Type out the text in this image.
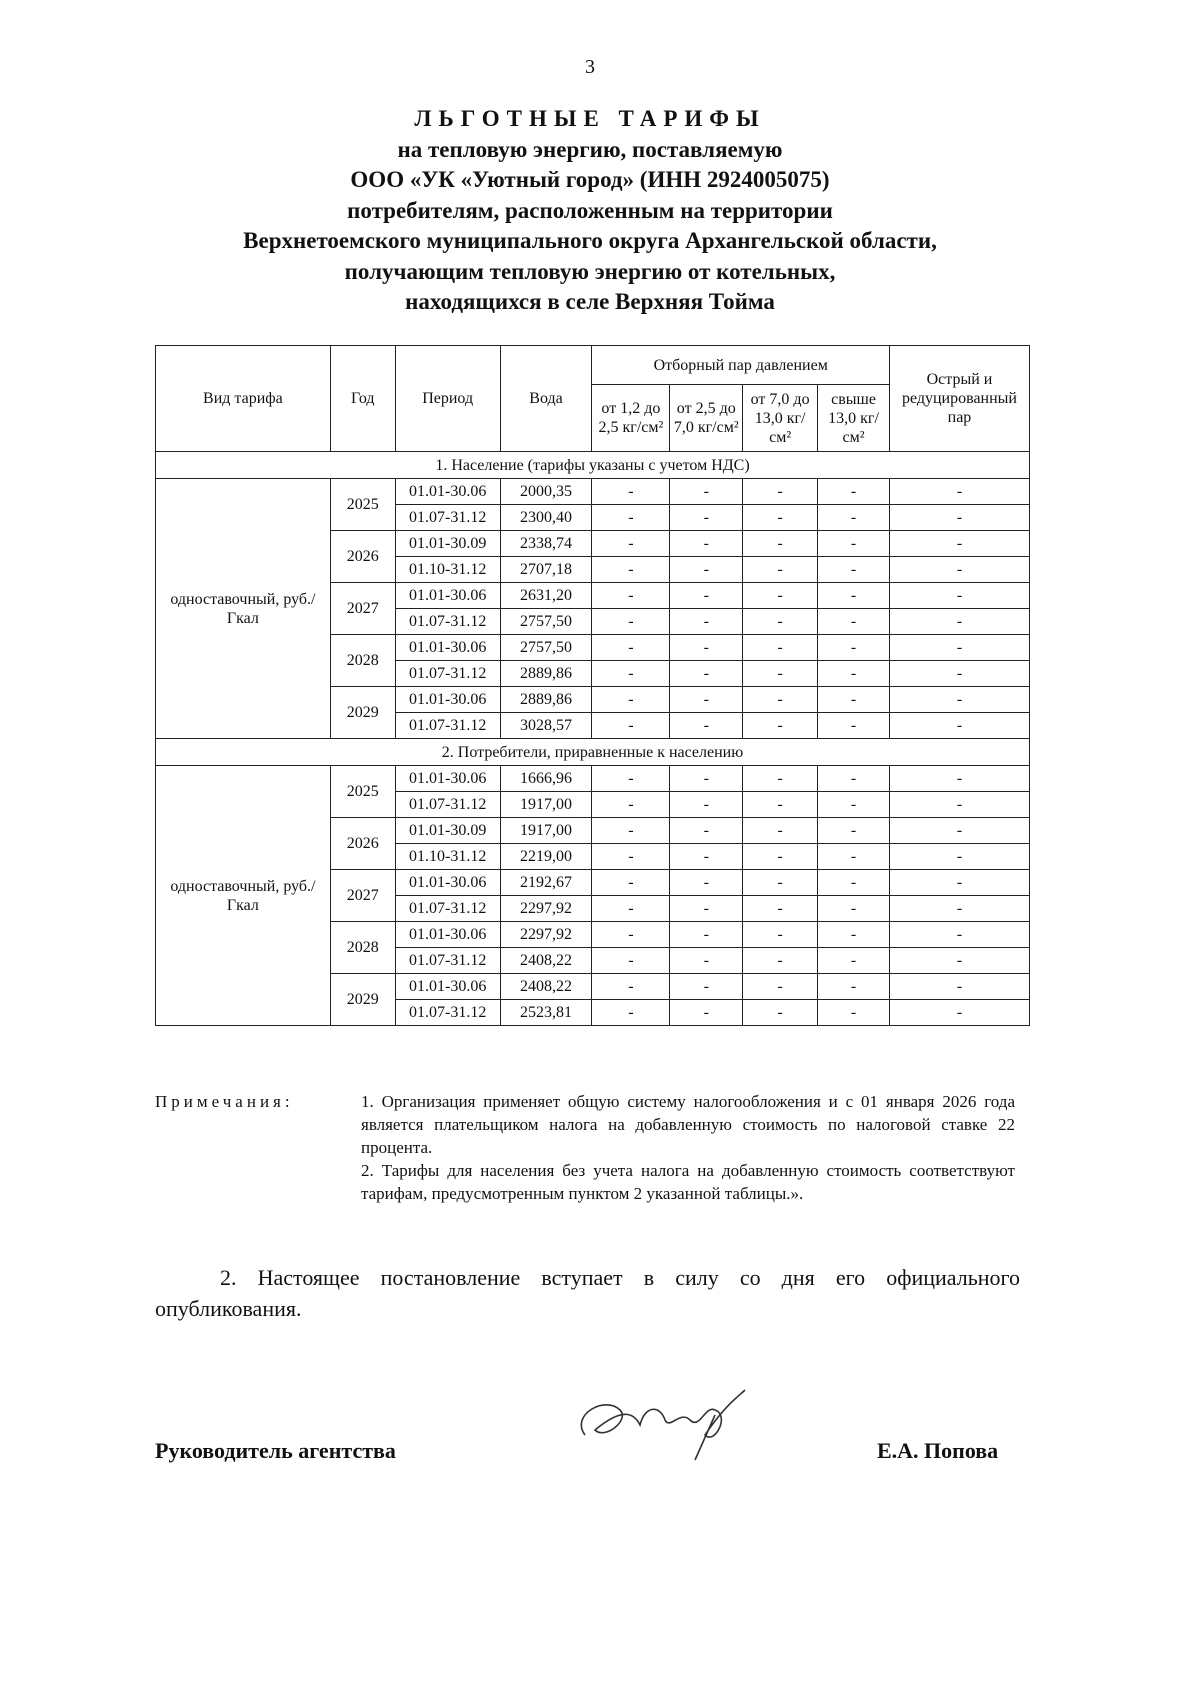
3
ЛЬГОТНЫЕ ТАРИФЫ
на тепловую энергию, поставляемую
ООО «УК «Уютный город» (ИНН 2924005075)
потребителям, расположенным на территории
Верхнетоемского муниципального округа Архангельской области,
получающим тепловую энергию от котельных,
находящихся в селе Верхняя Тойма
Вид тарифа	Год	Период	Вода	Отборный пар давлением				Острый и редуцированный пар
				от 1,2 до 2,5 кг/см²	от 2,5 до 7,0 кг/см²	от 7,0 до 13,0 кг/см²	свыше 13,0 кг/см²	
1. Население (тарифы указаны с учетом НДС)								
одноставочный, руб./Гкал	2025	01.01-30.06	2000,35	-	-	-	-	-
		01.07-31.12	2300,40	-	-	-	-	-
	2026	01.01-30.09	2338,74	-	-	-	-	-
		01.10-31.12	2707,18	-	-	-	-	-
	2027	01.01-30.06	2631,20	-	-	-	-	-
		01.07-31.12	2757,50	-	-	-	-	-
	2028	01.01-30.06	2757,50	-	-	-	-	-
		01.07-31.12	2889,86	-	-	-	-	-
	2029	01.01-30.06	2889,86	-	-	-	-	-
		01.07-31.12	3028,57	-	-	-	-	-
2. Потребители, приравненные к населению								
одноставочный, руб./Гкал	2025	01.01-30.06	1666,96	-	-	-	-	-
		01.07-31.12	1917,00	-	-	-	-	-
	2026	01.01-30.09	1917,00	-	-	-	-	-
		01.10-31.12	2219,00	-	-	-	-	-
	2027	01.01-30.06	2192,67	-	-	-	-	-
		01.07-31.12	2297,92	-	-	-	-	-
	2028	01.01-30.06	2297,92	-	-	-	-	-
		01.07-31.12	2408,22	-	-	-	-	-
	2029	01.01-30.06	2408,22	-	-	-	-	-
		01.07-31.12	2523,81	-	-	-	-	-
Примечания:	1. Организация применяет общую систему налогообложения и с 01 января 2026 года является плательщиком налога на добавленную стоимость по налоговой ставке 22 процента.

2. Тарифы для населения без учета налога на добавленную стоимость соответствуют тарифам, предусмотренным пунктом 2 указанной таблицы.».

2. Настоящее постановление вступает в силу со дня его официального опубликования.
Руководитель агентства	Е.А. Попова
